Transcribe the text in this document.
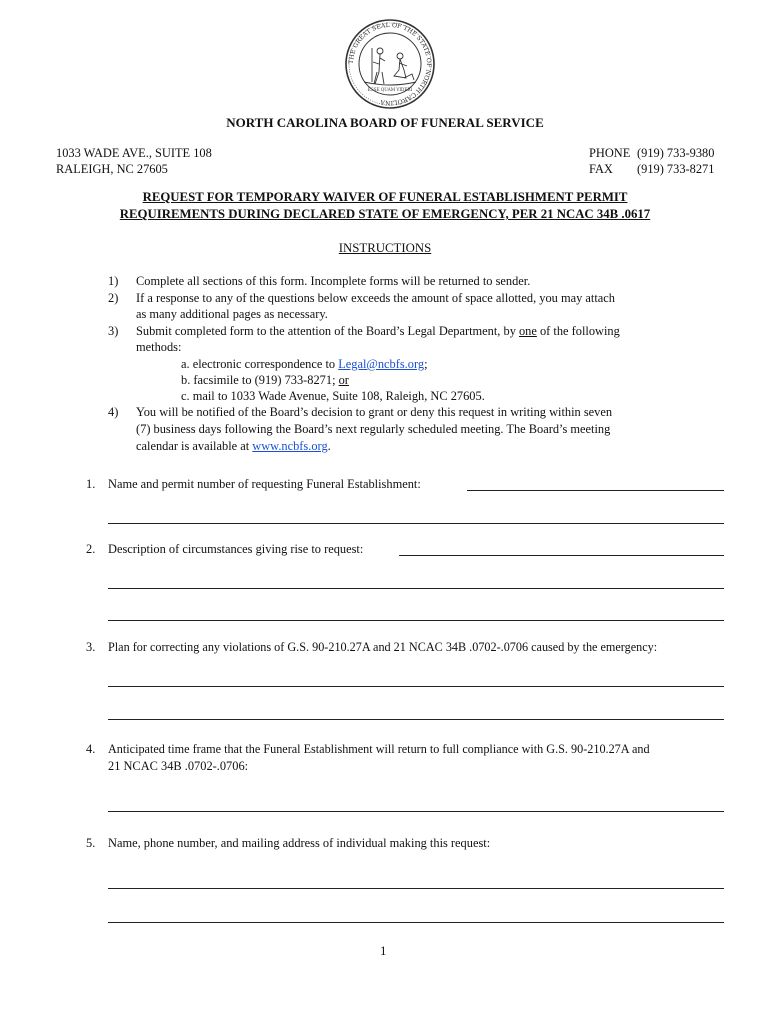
THE GREAT SEAL OF THE STATE OF NORTH CAROLINA
ESSE QUAM VIDERI
NORTH CAROLINA BOARD OF FUNERAL SERVICE
1033 WADE AVE., SUITE 108
RALEIGH, NC 27605
PHONE (919) 733-9380
FAX (919) 733-8271
REQUEST FOR TEMPORARY WAIVER OF FUNERAL ESTABLISHMENT PERMIT
REQUIREMENTS DURING DECLARED STATE OF EMERGENCY, PER 21 NCAC 34B .0617
INSTRUCTIONS
1) Complete all sections of this form. Incomplete forms will be returned to sender.
2) If a response to any of the questions below exceeds the amount of space allotted, you may attach
as many additional pages as necessary.
3) Submit completed form to the attention of the Board’s Legal Department, by one of the following
methods:
a. electronic correspondence to Legal@ncbfs.org;
b. facsimile to (919) 733-8271; or
c. mail to 1033 Wade Avenue, Suite 108, Raleigh, NC 27605.
4) You will be notified of the Board’s decision to grant or deny this request in writing within seven
(7) business days following the Board’s next regularly scheduled meeting. The Board’s meeting
calendar is available at www.ncbfs.org.
1. Name and permit number of requesting Funeral Establishment:
2. Description of circumstances giving rise to request:
3. Plan for correcting any violations of G.S. 90-210.27A and 21 NCAC 34B .0702-.0706 caused by the emergency:
4. Anticipated time frame that the Funeral Establishment will return to full compliance with G.S. 90-210.27A and
21 NCAC 34B .0702-.0706:
5. Name, phone number, and mailing address of individual making this request:
1
